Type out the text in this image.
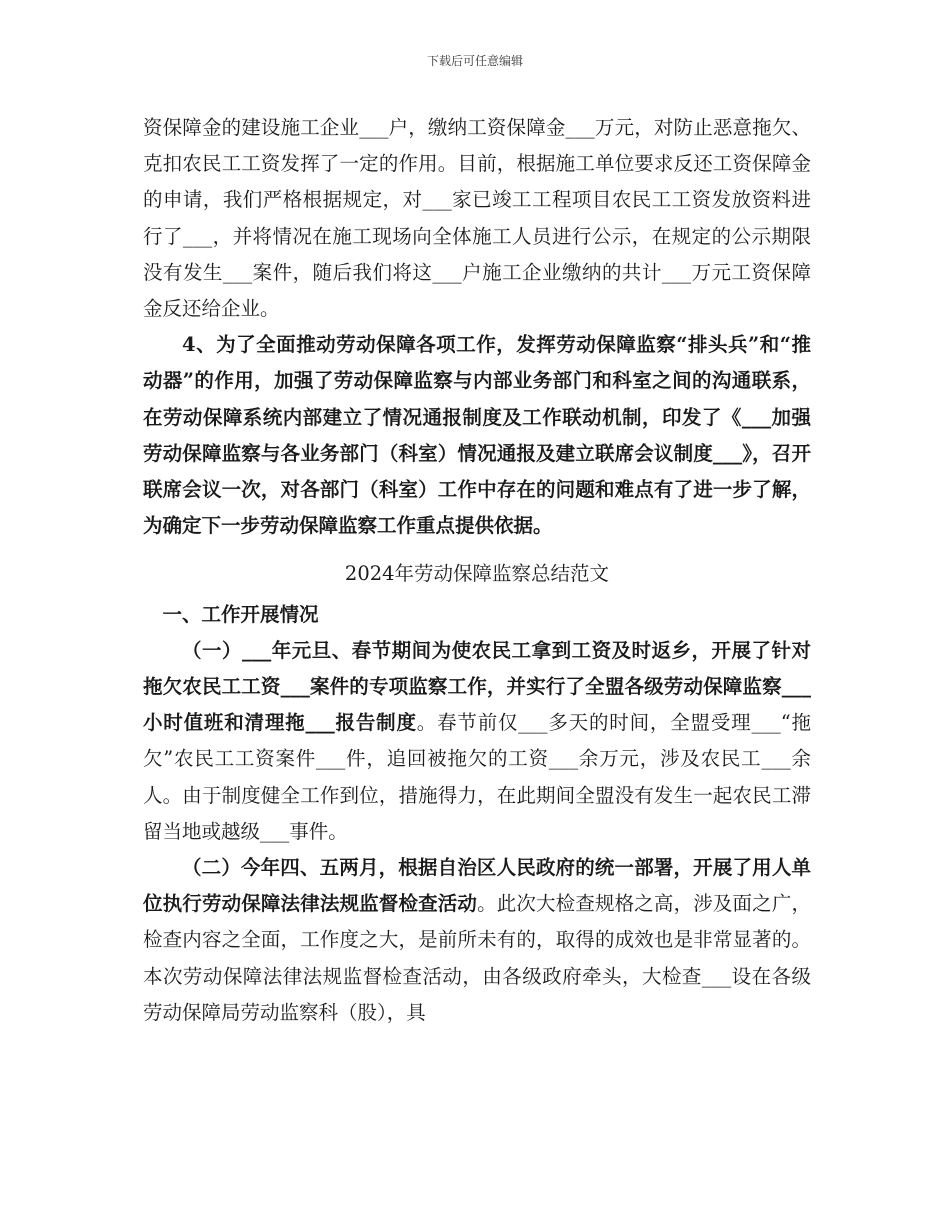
下载后可任意编辑

资保障金的建设施工企业___户，缴纳工资保障金___万元，对防止恶意拖欠、克扣农民工工资发挥了一定的作用。目前，根据施工单位要求反还工资保障金的申请，我们严格根据规定，对___家已竣工工程项目农民工工资发放资料进行了___，并将情况在施工现场向全体施工人员进行公示，在规定的公示期限没有发生___案件，随后我们将这___户施工企业缴纳的共计___万元工资保障金反还给企业。

4、为了全面推动劳动保障各项工作，发挥劳动保障监察“排头兵”和“推动器”的作用，加强了劳动保障监察与内部业务部门和科室之间的沟通联系，在劳动保障系统内部建立了情况通报制度及工作联动机制，印发了《___加强劳动保障监察与各业务部门（科室）情况通报及建立联席会议制度___》，召开联席会议一次，对各部门（科室）工作中存在的问题和难点有了进一步了解，为确定下一步劳动保障监察工作重点提供依据。

2024年劳动保障监察总结范文

一、工作开展情况

（一）___年元旦、春节期间为使农民工拿到工资及时返乡，开展了针对拖欠农民工工资___案件的专项监察工作，并实行了全盟各级劳动保障监察___小时值班和清理拖___报告制度。春节前仅___多天的时间，全盟受理___“拖欠”农民工工资案件___件，追回被拖欠的工资___余万元，涉及农民工___余人。由于制度健全工作到位，措施得力，在此期间全盟没有发生一起农民工滞留当地或越级___事件。

（二）今年四、五两月，根据自治区人民政府的统一部署，开展了用人单位执行劳动保障法律法规监督检查活动。此次大检查规格之高，涉及面之广，检查内容之全面，工作度之大，是前所未有的，取得的成效也是非常显著的。本次劳动保障法律法规监督检查活动，由各级政府牵头，大检查___设在各级劳动保障局劳动监察科（股），具
